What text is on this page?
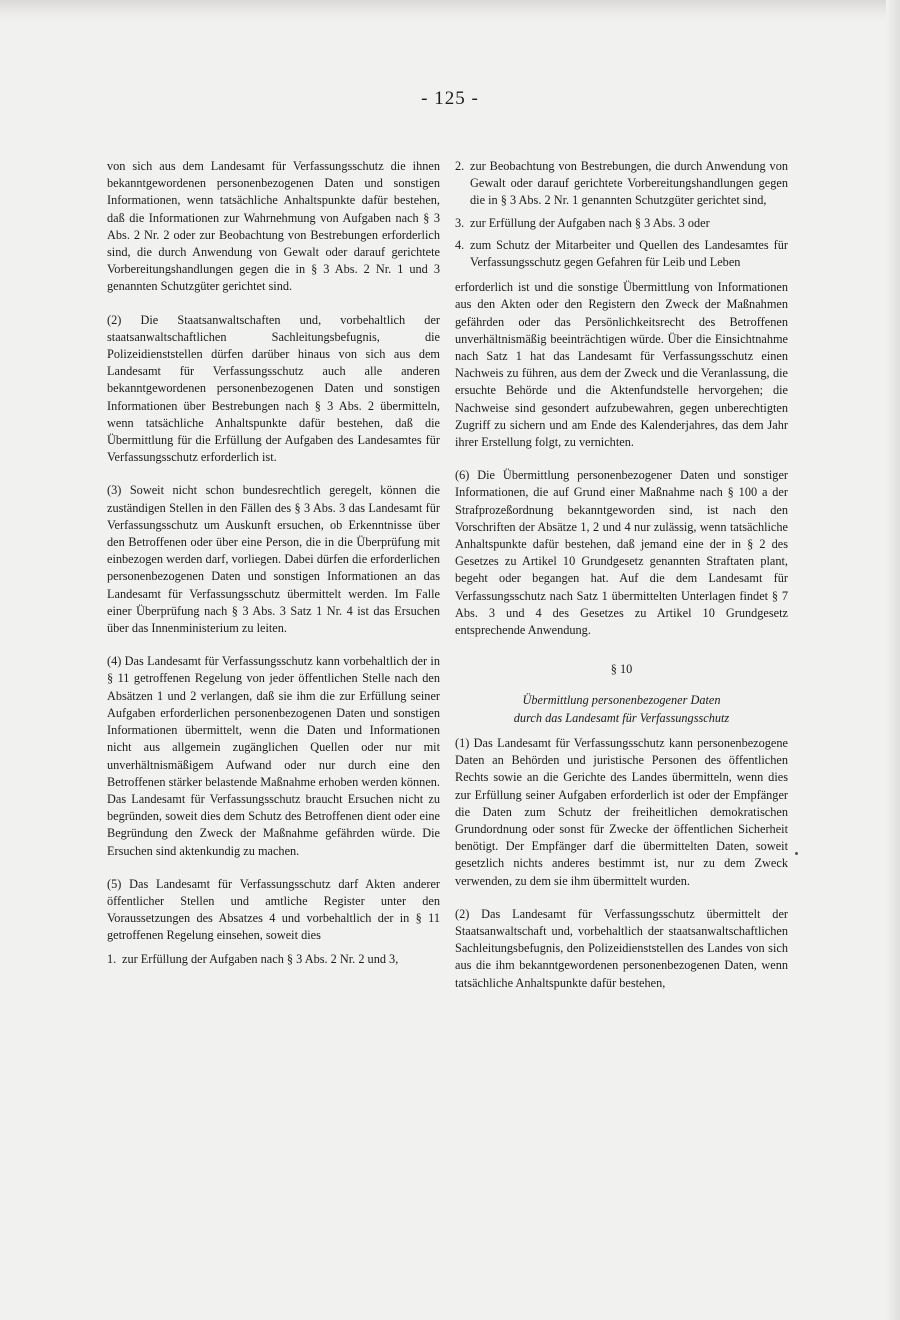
- 125 -

von sich aus dem Landesamt für Verfassungsschutz die ihnen bekanntgewordenen personenbezogenen Daten und sonstigen Informationen, wenn tatsächliche Anhaltspunkte dafür bestehen, daß die Informationen zur Wahrnehmung von Aufgaben nach § 3 Abs. 2 Nr. 2 oder zur Beobachtung von Bestrebungen erforderlich sind, die durch Anwendung von Gewalt oder darauf gerichtete Vorbereitungshandlungen gegen die in § 3 Abs. 2 Nr. 1 und 3 genannten Schutzgüter gerichtet sind.

(2) Die Staatsanwaltschaften und, vorbehaltlich der staatsanwaltschaftlichen Sachleitungsbefugnis, die Polizeidienststellen dürfen darüber hinaus von sich aus dem Landesamt für Verfassungsschutz auch alle anderen bekanntgewordenen personenbezogenen Daten und sonstigen Informationen über Bestrebungen nach § 3 Abs. 2 übermitteln, wenn tatsächliche Anhaltspunkte dafür bestehen, daß die Übermittlung für die Erfüllung der Aufgaben des Landesamtes für Verfassungsschutz erforderlich ist.

(3) Soweit nicht schon bundesrechtlich geregelt, können die zuständigen Stellen in den Fällen des § 3 Abs. 3 das Landesamt für Verfassungsschutz um Auskunft ersuchen, ob Erkenntnisse über den Betroffenen oder über eine Person, die in die Überprüfung mit einbezogen werden darf, vorliegen. Dabei dürfen die erforderlichen personenbezogenen Daten und sonstigen Informationen an das Landesamt für Verfassungsschutz übermittelt werden. Im Falle einer Überprüfung nach § 3 Abs. 3 Satz 1 Nr. 4 ist das Ersuchen über das Innenministerium zu leiten.

(4) Das Landesamt für Verfassungsschutz kann vorbehaltlich der in § 11 getroffenen Regelung von jeder öffentlichen Stelle nach den Absätzen 1 und 2 verlangen, daß sie ihm die zur Erfüllung seiner Aufgaben erforderlichen personenbezogenen Daten und sonstigen Informationen übermittelt, wenn die Daten und Informationen nicht aus allgemein zugänglichen Quellen oder nur mit unverhältnismäßigem Aufwand oder nur durch eine den Betroffenen stärker belastende Maßnahme erhoben werden können. Das Landesamt für Verfassungsschutz braucht Ersuchen nicht zu begründen, soweit dies dem Schutz des Betroffenen dient oder eine Begründung den Zweck der Maßnahme gefährden würde. Die Ersuchen sind aktenkundig zu machen.

(5) Das Landesamt für Verfassungsschutz darf Akten anderer öffentlicher Stellen und amtliche Register unter den Voraussetzungen des Absatzes 4 und vorbehaltlich der in § 11 getroffenen Regelung einsehen, soweit dies

1. zur Erfüllung der Aufgaben nach § 3 Abs. 2 Nr. 2 und 3,
2. zur Beobachtung von Bestrebungen, die durch Anwendung von Gewalt oder darauf gerichtete Vorbereitungshandlungen gegen die in § 3 Abs. 2 Nr. 1 genannten Schutzgüter gerichtet sind,
3. zur Erfüllung der Aufgaben nach § 3 Abs. 3 oder
4. zum Schutz der Mitarbeiter und Quellen des Landesamtes für Verfassungsschutz gegen Gefahren für Leib und Leben

erforderlich ist und die sonstige Übermittlung von Informationen aus den Akten oder den Registern den Zweck der Maßnahmen gefährden oder das Persönlichkeitsrecht des Betroffenen unverhältnismäßig beeinträchtigen würde. Über die Einsichtnahme nach Satz 1 hat das Landesamt für Verfassungsschutz einen Nachweis zu führen, aus dem der Zweck und die Veranlassung, die ersuchte Behörde und die Aktenfundstelle hervorgehen; die Nachweise sind gesondert aufzubewahren, gegen unberechtigten Zugriff zu sichern und am Ende des Kalenderjahres, das dem Jahr ihrer Erstellung folgt, zu vernichten.

(6) Die Übermittlung personenbezogener Daten und sonstiger Informationen, die auf Grund einer Maßnahme nach § 100 a der Strafprozeßordnung bekanntgeworden sind, ist nach den Vorschriften der Absätze 1, 2 und 4 nur zulässig, wenn tatsächliche Anhaltspunkte dafür bestehen, daß jemand eine der in § 2 des Gesetzes zu Artikel 10 Grundgesetz genannten Straftaten plant, begeht oder begangen hat. Auf die dem Landesamt für Verfassungsschutz nach Satz 1 übermittelten Unterlagen findet § 7 Abs. 3 und 4 des Gesetzes zu Artikel 10 Grundgesetz entsprechende Anwendung.

§ 10
Übermittlung personenbezogener Daten
durch das Landesamt für Verfassungsschutz

(1) Das Landesamt für Verfassungsschutz kann personenbezogene Daten an Behörden und juristische Personen des öffentlichen Rechts sowie an die Gerichte des Landes übermitteln, wenn dies zur Erfüllung seiner Aufgaben erforderlich ist oder der Empfänger die Daten zum Schutz der freiheitlichen demokratischen Grundordnung oder sonst für Zwecke der öffentlichen Sicherheit benötigt. Der Empfänger darf die übermittelten Daten, soweit gesetzlich nichts anderes bestimmt ist, nur zu dem Zweck verwenden, zu dem sie ihm übermittelt wurden.

(2) Das Landesamt für Verfassungsschutz übermittelt der Staatsanwaltschaft und, vorbehaltlich der staatsanwaltschaftlichen Sachleitungsbefugnis, den Polizeidienststellen des Landes von sich aus die ihm bekanntgewordenen personenbezogenen Daten, wenn tatsächliche Anhaltspunkte dafür bestehen,
